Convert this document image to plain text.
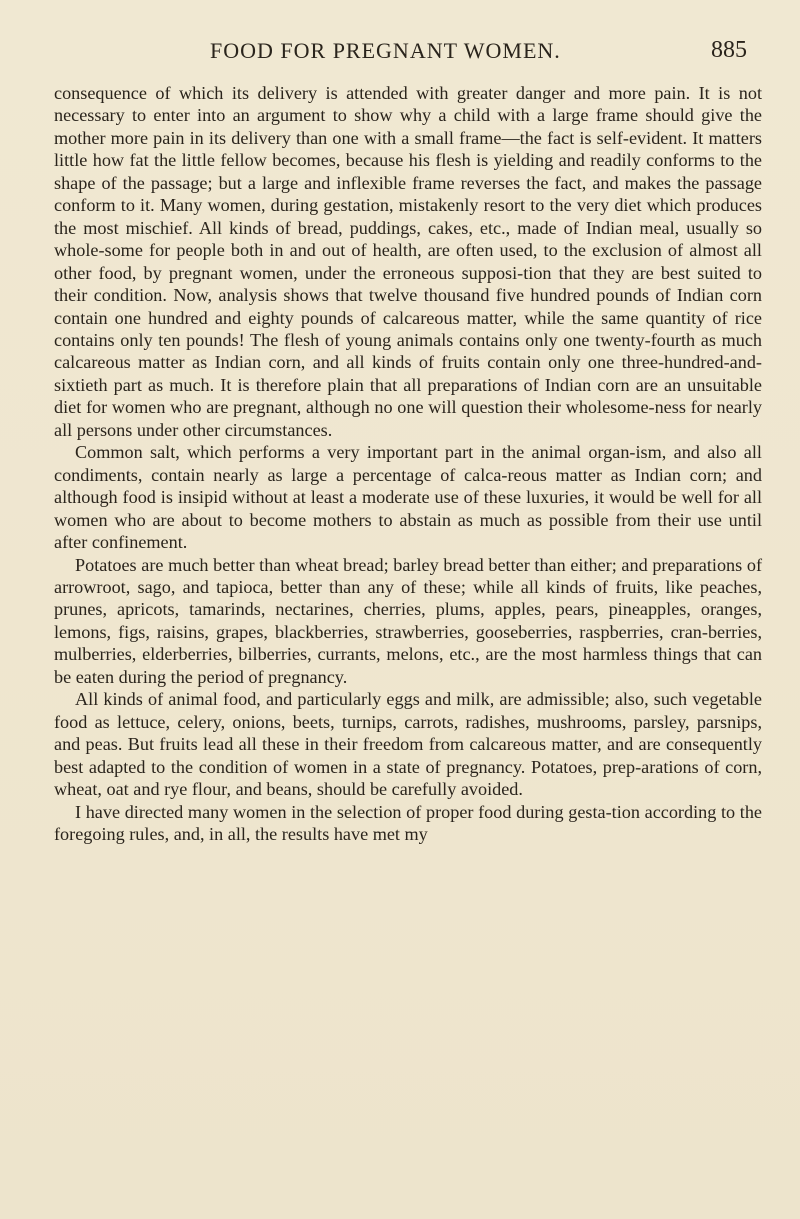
FOOD FOR PREGNANT WOMEN.	885

consequence of which its delivery is attended with greater danger and more pain. It is not necessary to enter into an argument to show why a child with a large frame should give the mother more pain in its delivery than one with a small frame—the fact is self-evident. It matters little how fat the little fellow becomes, because his flesh is yielding and readily conforms to the shape of the passage; but a large and inflexible frame reverses the fact, and makes the passage conform to it. Many women, during gestation, mistakenly resort to the very diet which produces the most mischief. All kinds of bread, puddings, cakes, etc., made of Indian meal, usually so whole-some for people both in and out of health, are often used, to the exclusion of almost all other food, by pregnant women, under the erroneous supposi-tion that they are best suited to their condition. Now, analysis shows that twelve thousand five hundred pounds of Indian corn contain one hundred and eighty pounds of calcareous matter, while the same quantity of rice contains only ten pounds! The flesh of young animals contains only one twenty-fourth as much calcareous matter as Indian corn, and all kinds of fruits contain only one three-hundred-and-sixtieth part as much. It is therefore plain that all preparations of Indian corn are an unsuitable diet for women who are pregnant, although no one will question their wholesome-ness for nearly all persons under other circumstances.

Common salt, which performs a very important part in the animal organ-ism, and also all condiments, contain nearly as large a percentage of calca-reous matter as Indian corn; and although food is insipid without at least a moderate use of these luxuries, it would be well for all women who are about to become mothers to abstain as much as possible from their use until after confinement.

Potatoes are much better than wheat bread; barley bread better than either; and preparations of arrowroot, sago, and tapioca, better than any of these; while all kinds of fruits, like peaches, prunes, apricots, tamarinds, nectarines, cherries, plums, apples, pears, pineapples, oranges, lemons, figs, raisins, grapes, blackberries, strawberries, gooseberries, raspberries, cran-berries, mulberries, elderberries, bilberries, currants, melons, etc., are the most harmless things that can be eaten during the period of pregnancy.

All kinds of animal food, and particularly eggs and milk, are admissible; also, such vegetable food as lettuce, celery, onions, beets, turnips, carrots, radishes, mushrooms, parsley, parsnips, and peas. But fruits lead all these in their freedom from calcareous matter, and are consequently best adapted to the condition of women in a state of pregnancy. Potatoes, prep-arations of corn, wheat, oat and rye flour, and beans, should be carefully avoided.

I have directed many women in the selection of proper food during gesta-tion according to the foregoing rules, and, in all, the results have met my
